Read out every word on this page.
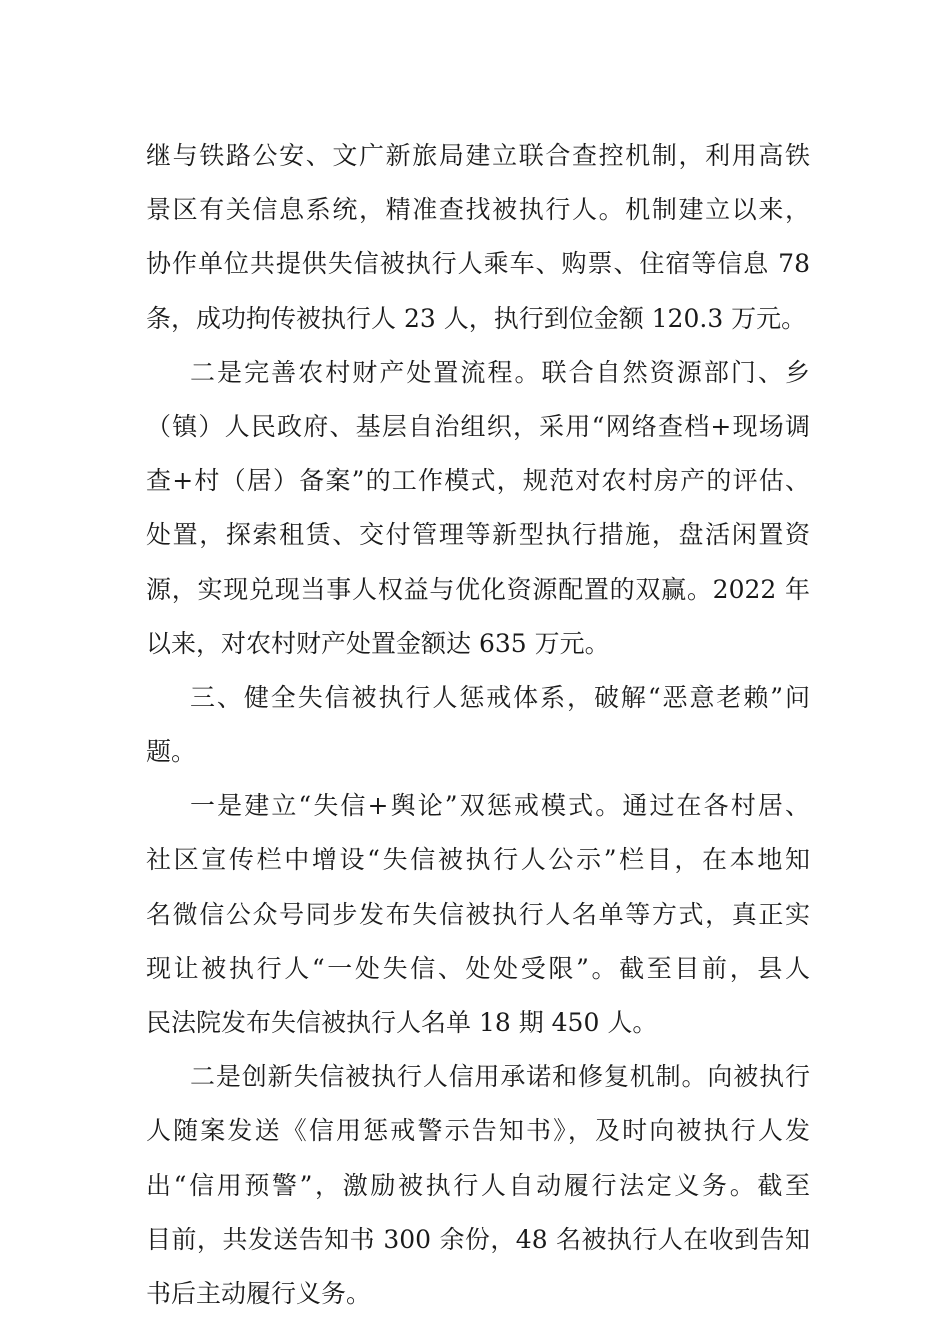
继与铁路公安、文广新旅局建立联合查控机制，利用高铁
景区有关信息系统，精准查找被执行人。机制建立以来，
协作单位共提供失信被执行人乘车、购票、住宿等信息 78
条，成功拘传被执行人 23 人，执行到位金额 120.3 万元。
二是完善农村财产处置流程。联合自然资源部门、乡
（镇）人民政府、基层自治组织，采用“网络查档+现场调
查+村（居）备案”的工作模式，规范对农村房产的评估、
处置，探索租赁、交付管理等新型执行措施，盘活闲置资
源，实现兑现当事人权益与优化资源配置的双赢。2022 年
以来，对农村财产处置金额达 635 万元。
三、健全失信被执行人惩戒体系，破解“恶意老赖”问
题。
一是建立“失信+舆论”双惩戒模式。通过在各村居、
社区宣传栏中增设“失信被执行人公示”栏目，在本地知
名微信公众号同步发布失信被执行人名单等方式，真正实
现让被执行人“一处失信、处处受限”。截至目前，县人
民法院发布失信被执行人名单 18 期 450 人。
二是创新失信被执行人信用承诺和修复机制。向被执行
人随案发送《信用惩戒警示告知书》，及时向被执行人发
出“信用预警”，激励被执行人自动履行法定义务。截至
目前，共发送告知书 300 余份，48 名被执行人在收到告知
书后主动履行义务。
